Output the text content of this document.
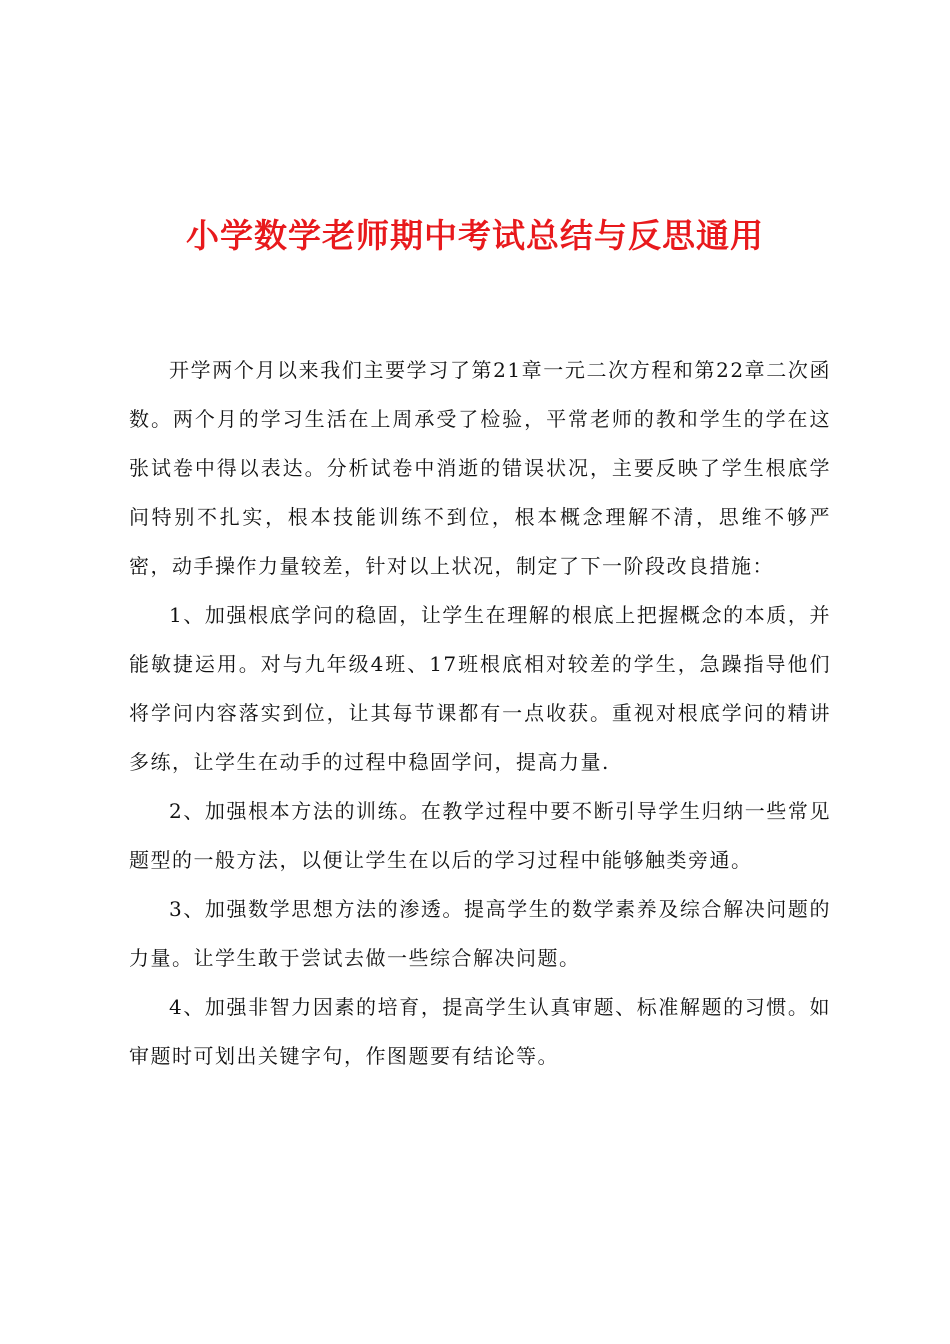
小学数学老师期中考试总结与反思通用

开学两个月以来我们主要学习了第21章一元二次方程和第22章二次函数。两个月的学习生活在上周承受了检验，平常老师的教和学生的学在这张试卷中得以表达。分析试卷中消逝的错误状况，主要反映了学生根底学问特别不扎实，根本技能训练不到位，根本概念理解不清，思维不够严密，动手操作力量较差，针对以上状况，制定了下一阶段改良措施：

1、加强根底学问的稳固，让学生在理解的根底上把握概念的本质，并能敏捷运用。对与九年级4班、17班根底相对较差的学生，急躁指导他们将学问内容落实到位，让其每节课都有一点收获。重视对根底学问的精讲多练，让学生在动手的过程中稳固学问，提高力量.

2、加强根本方法的训练。在教学过程中要不断引导学生归纳一些常见题型的一般方法，以便让学生在以后的学习过程中能够触类旁通。

3、加强数学思想方法的渗透。提高学生的数学素养及综合解决问题的力量。让学生敢于尝试去做一些综合解决问题。

4、加强非智力因素的培育，提高学生认真审题、标准解题的习惯。如审题时可划出关键字句，作图题要有结论等。
